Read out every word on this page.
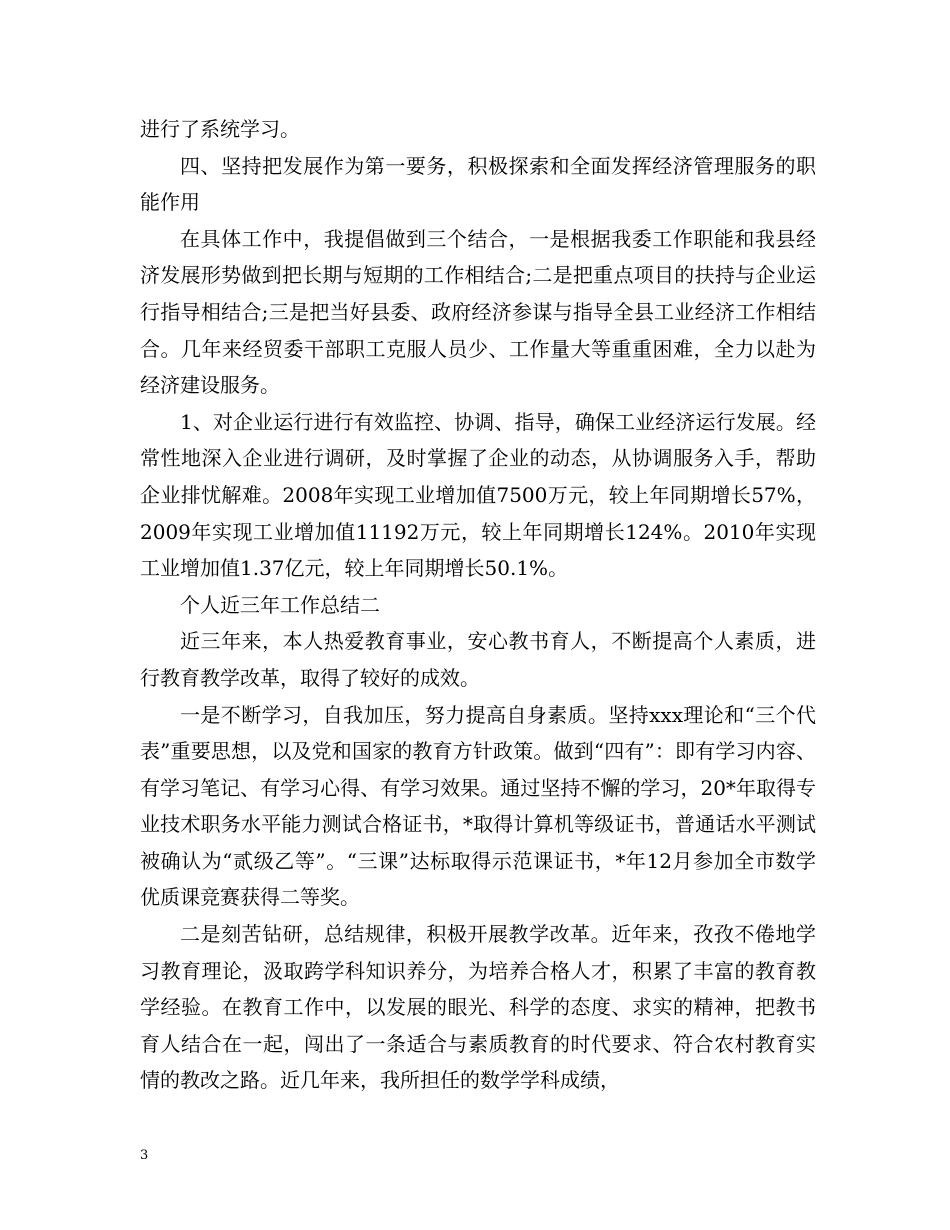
进行了系统学习。

四、坚持把发展作为第一要务，积极探索和全面发挥经济管理服务的职能作用

在具体工作中，我提倡做到三个结合，一是根据我委工作职能和我县经济发展形势做到把长期与短期的工作相结合;二是把重点项目的扶持与企业运行指导相结合;三是把当好县委、政府经济参谋与指导全县工业经济工作相结合。几年来经贸委干部职工克服人员少、工作量大等重重困难，全力以赴为经济建设服务。

1、对企业运行进行有效监控、协调、指导，确保工业经济运行发展。经常性地深入企业进行调研，及时掌握了企业的动态，从协调服务入手，帮助企业排忧解难。2008年实现工业增加值7500万元，较上年同期增长57%，2009年实现工业增加值11192万元，较上年同期增长124%。2010年实现工业增加值1.37亿元，较上年同期增长50.1%。

个人近三年工作总结二

近三年来，本人热爱教育事业，安心教书育人，不断提高个人素质，进行教育教学改革，取得了较好的成效。

一是不断学习，自我加压，努力提高自身素质。坚持xxx理论和“三个代表”重要思想，以及党和国家的教育方针政策。做到“四有”：即有学习内容、有学习笔记、有学习心得、有学习效果。通过坚持不懈的学习，20*年取得专业技术职务水平能力测试合格证书，*取得计算机等级证书，普通话水平测试被确认为“贰级乙等”。“三课”达标取得示范课证书，*年12月参加全市数学优质课竞赛获得二等奖。

二是刻苦钻研，总结规律，积极开展教学改革。近年来，孜孜不倦地学习教育理论，汲取跨学科知识养分，为培养合格人才，积累了丰富的教育教学经验。在教育工作中，以发展的眼光、科学的态度、求实的精神，把教书育人结合在一起，闯出了一条适合与素质教育的时代要求、符合农村教育实情的教改之路。近几年来，我所担任的数学学科成绩，

3
